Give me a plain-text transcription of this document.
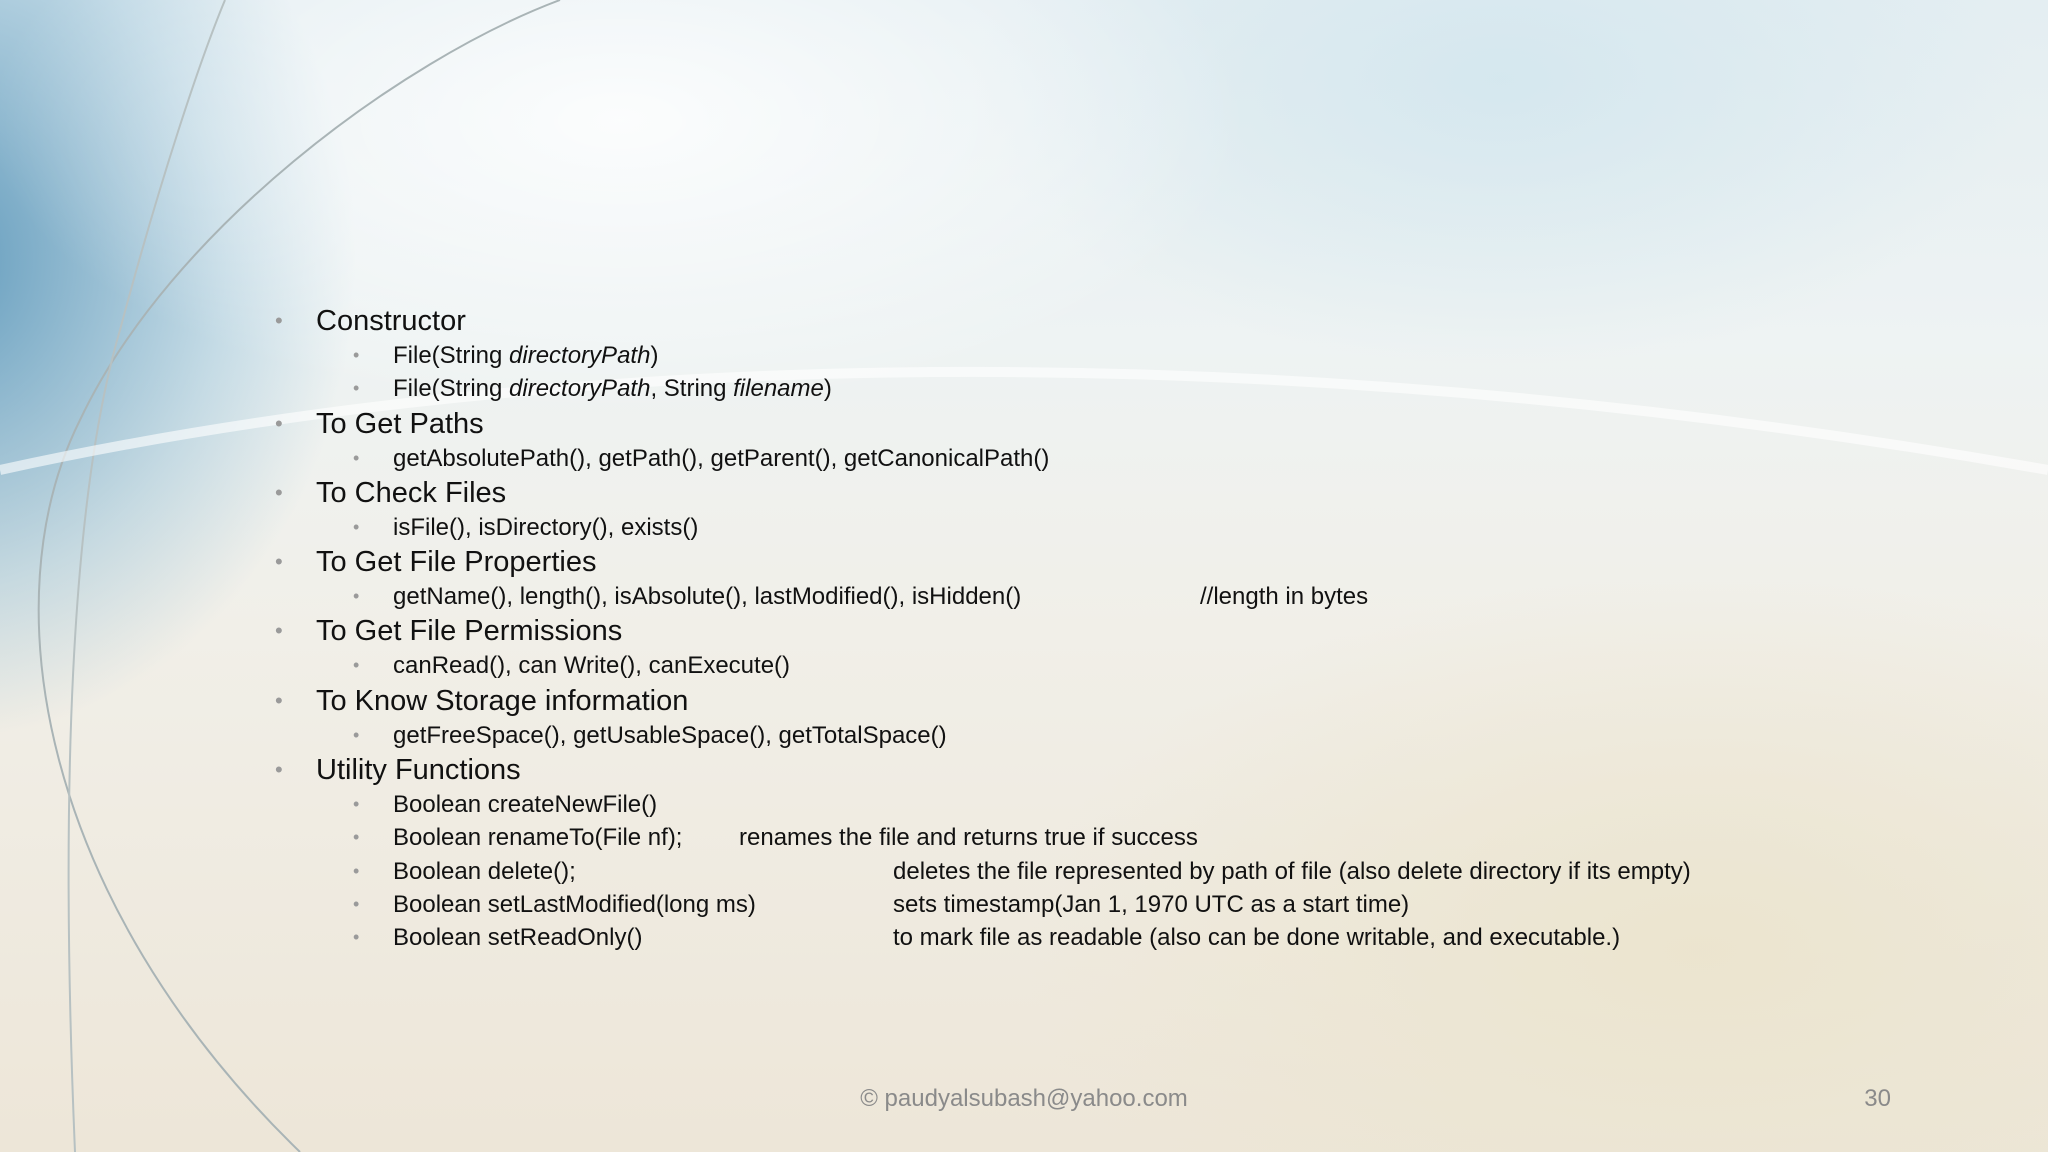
• Constructor
• File(String directoryPath)
• File(String directoryPath, String filename)
• To Get Paths
• getAbsolutePath(), getPath(), getParent(), getCanonicalPath()
• To Check Files
• isFile(), isDirectory(), exists()
• To Get File Properties
• getName(), length(), isAbsolute(), lastModified(), isHidden()	//length in bytes
• To Get File Permissions
• canRead(), can Write(), canExecute()
• To Know Storage information
• getFreeSpace(), getUsableSpace(), getTotalSpace()
• Utility Functions
• Boolean createNewFile()
• Boolean renameTo(File nf); renames the file and returns true if success
• Boolean delete();	deletes the file represented by path of file (also delete directory if its empty)
• Boolean setLastModified(long ms)	sets timestamp(Jan 1, 1970 UTC as a start time)
• Boolean setReadOnly()	to mark file as readable (also can be done writable, and executable.)
© paudyalsubash@yahoo.com	30
